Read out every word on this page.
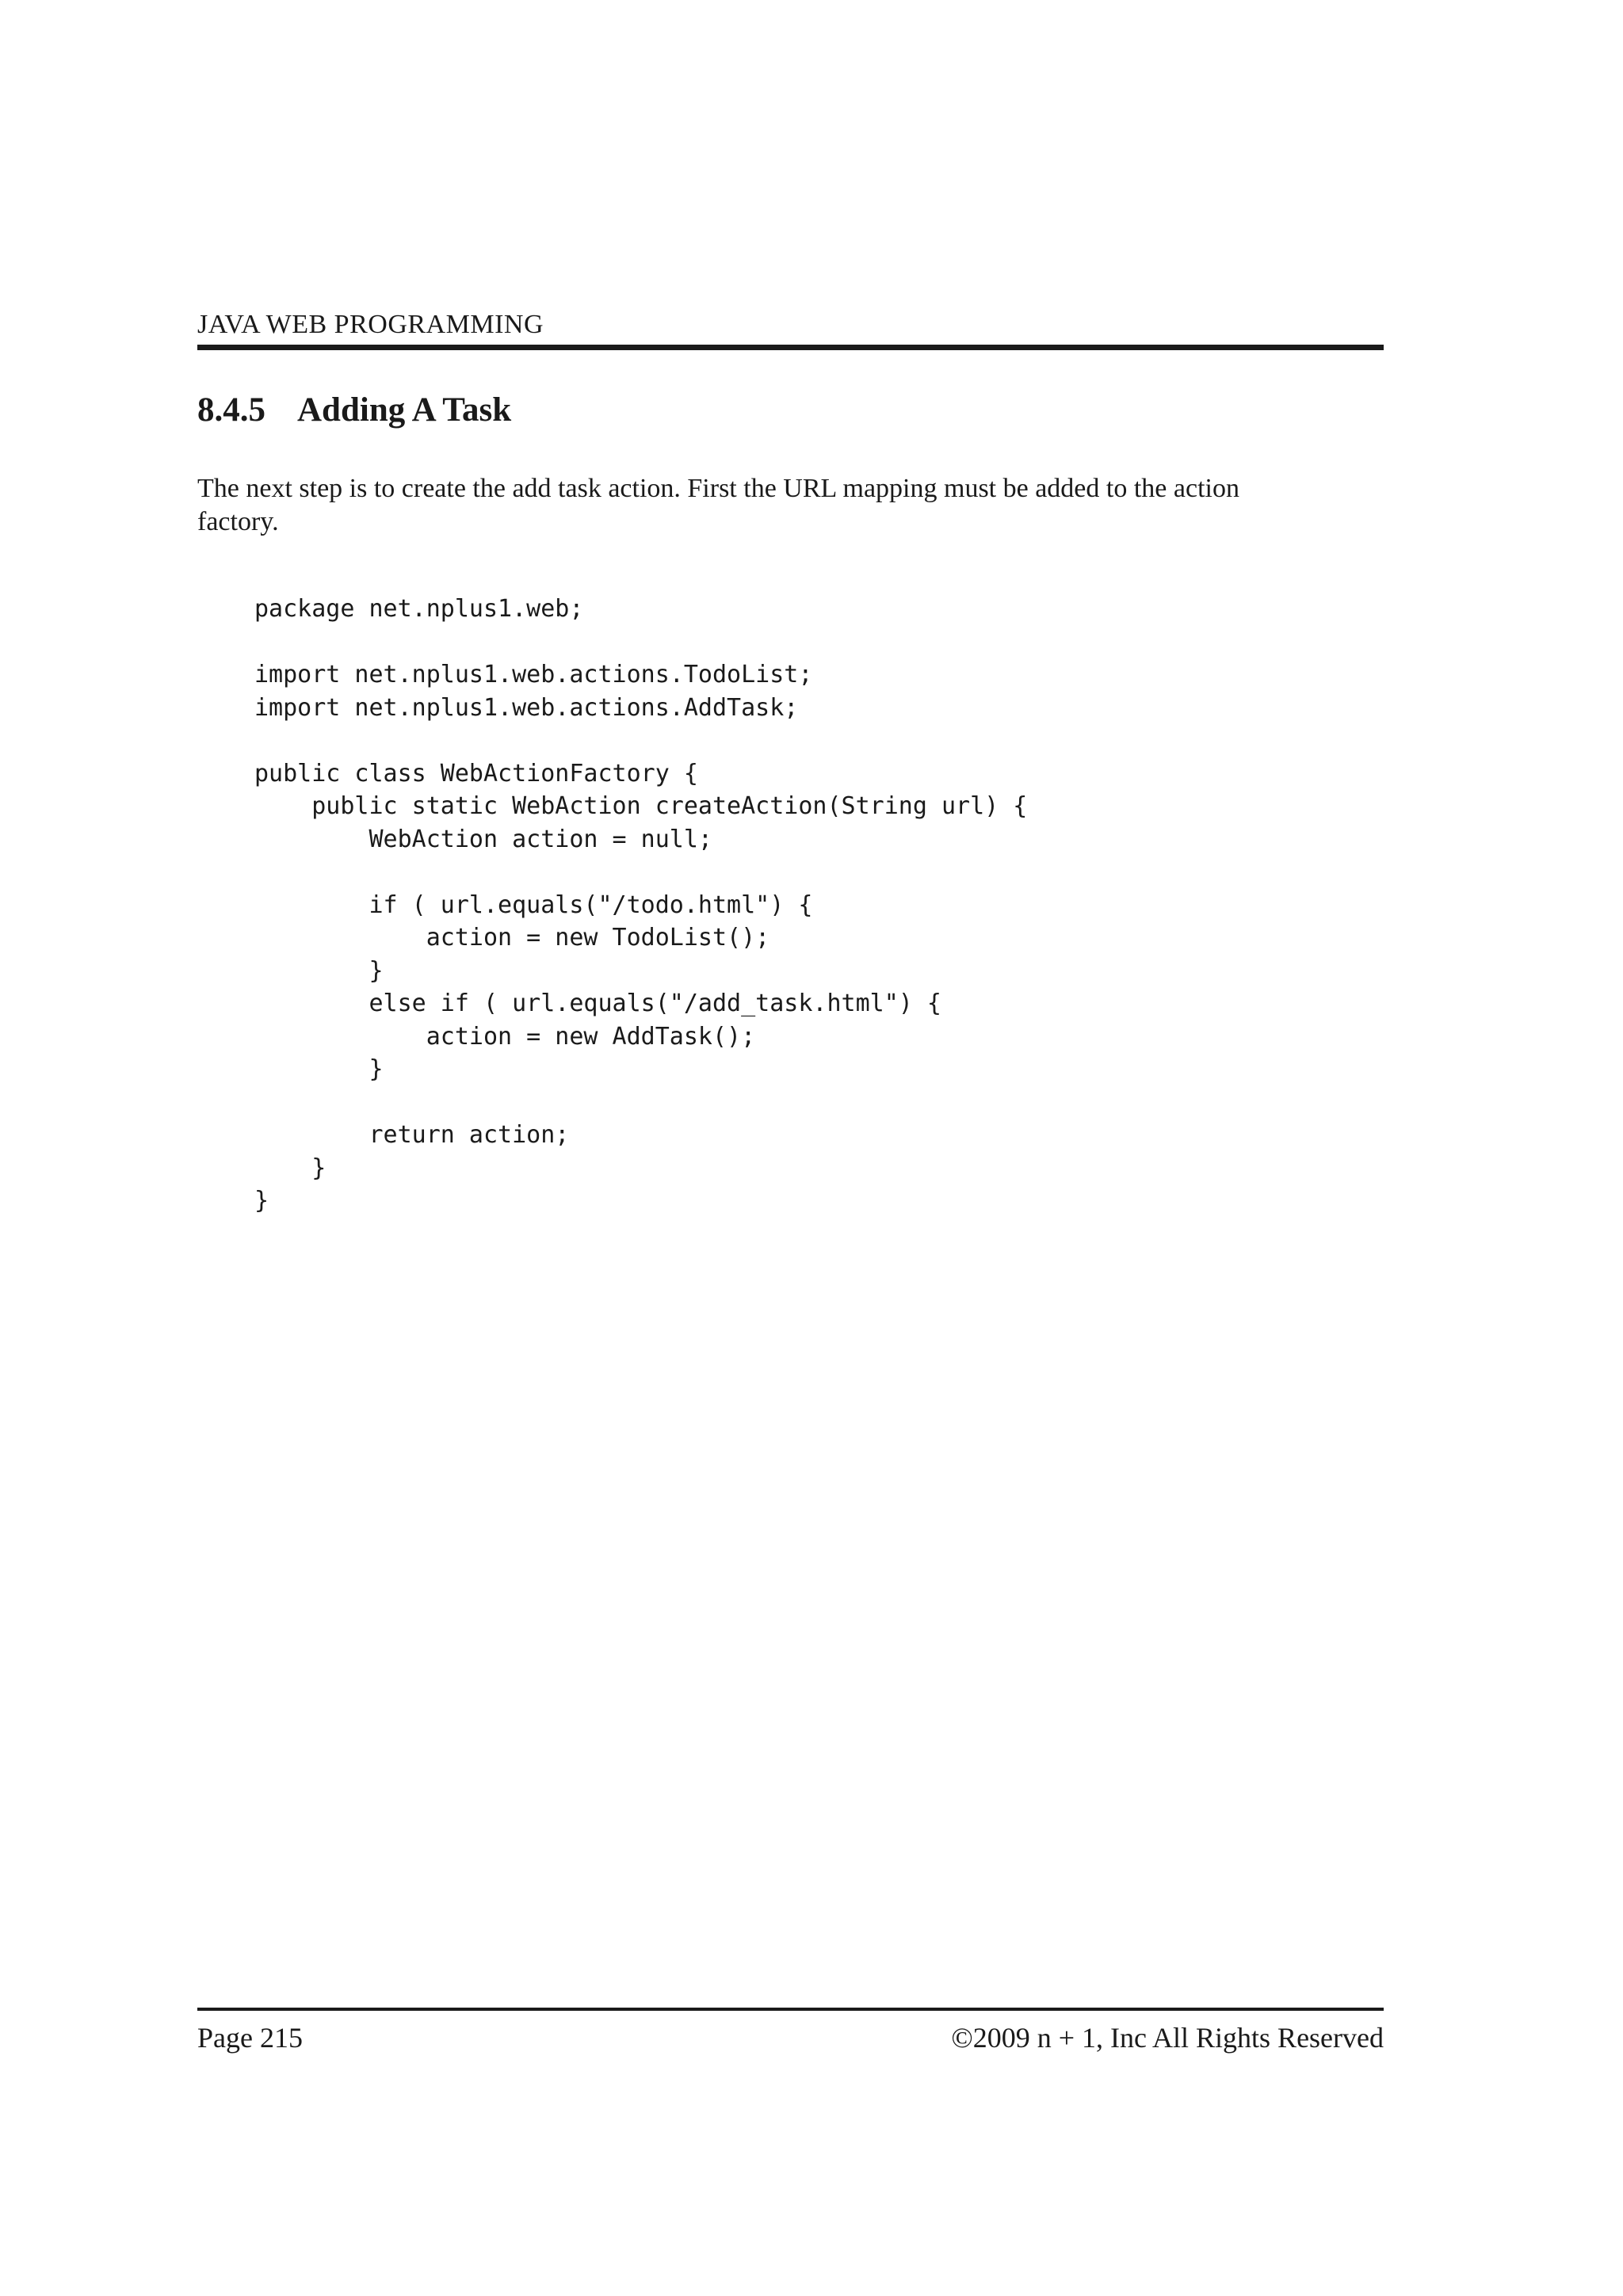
JAVA WEB PROGRAMMING
8.4.5 Adding A Task
The next step is to create the add task action. First the URL mapping must be added to the action
factory.
package net.nplus1.web;
import net.nplus1.web.actions.TodoList;
import net.nplus1.web.actions.AddTask;
public class WebActionFactory {
public static WebAction createAction(String url) {
WebAction action = null;
if ( url.equals("/todo.html") {
action = new TodoList();
}
else if ( url.equals("/add_task.html") {
action = new AddTask();
}
return action;
}
}
Page 215	©2009 n + 1, Inc All Rights Reserved
